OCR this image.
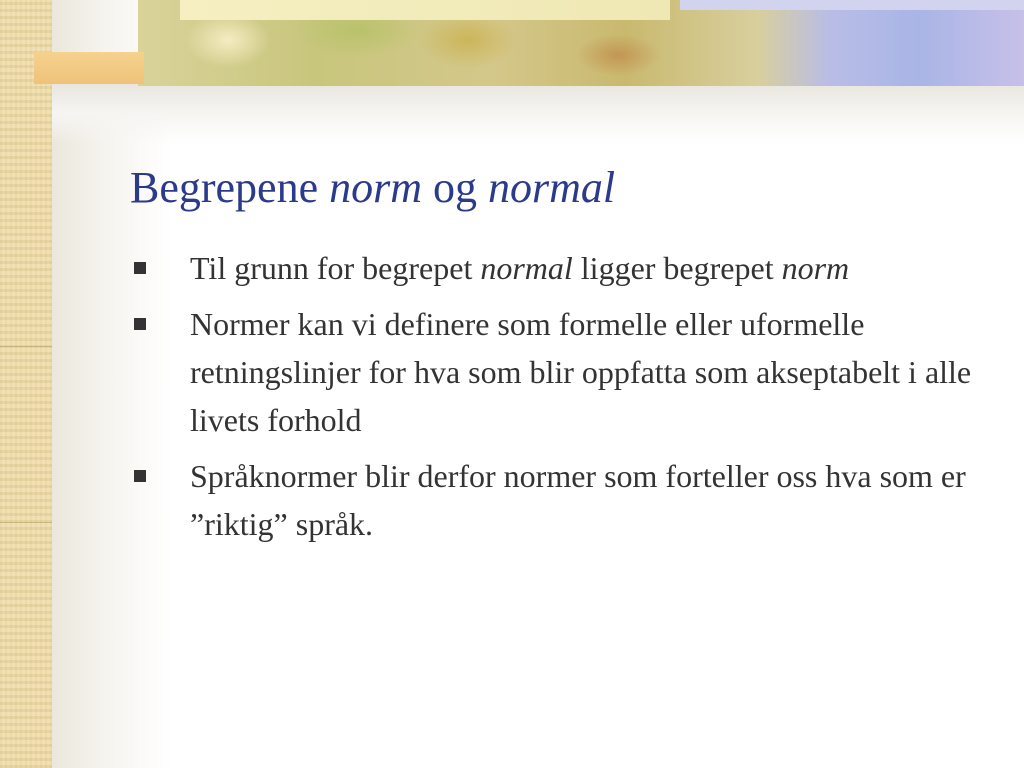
Begrepene norm og normal
Til grunn for begrepet normal ligger begrepet norm
Normer kan vi definere som formelle eller uformelle retningslinjer for hva som blir oppfatta som akseptabelt i alle livets forhold
Språknormer blir derfor normer som forteller oss hva som er ”riktig” språk.
